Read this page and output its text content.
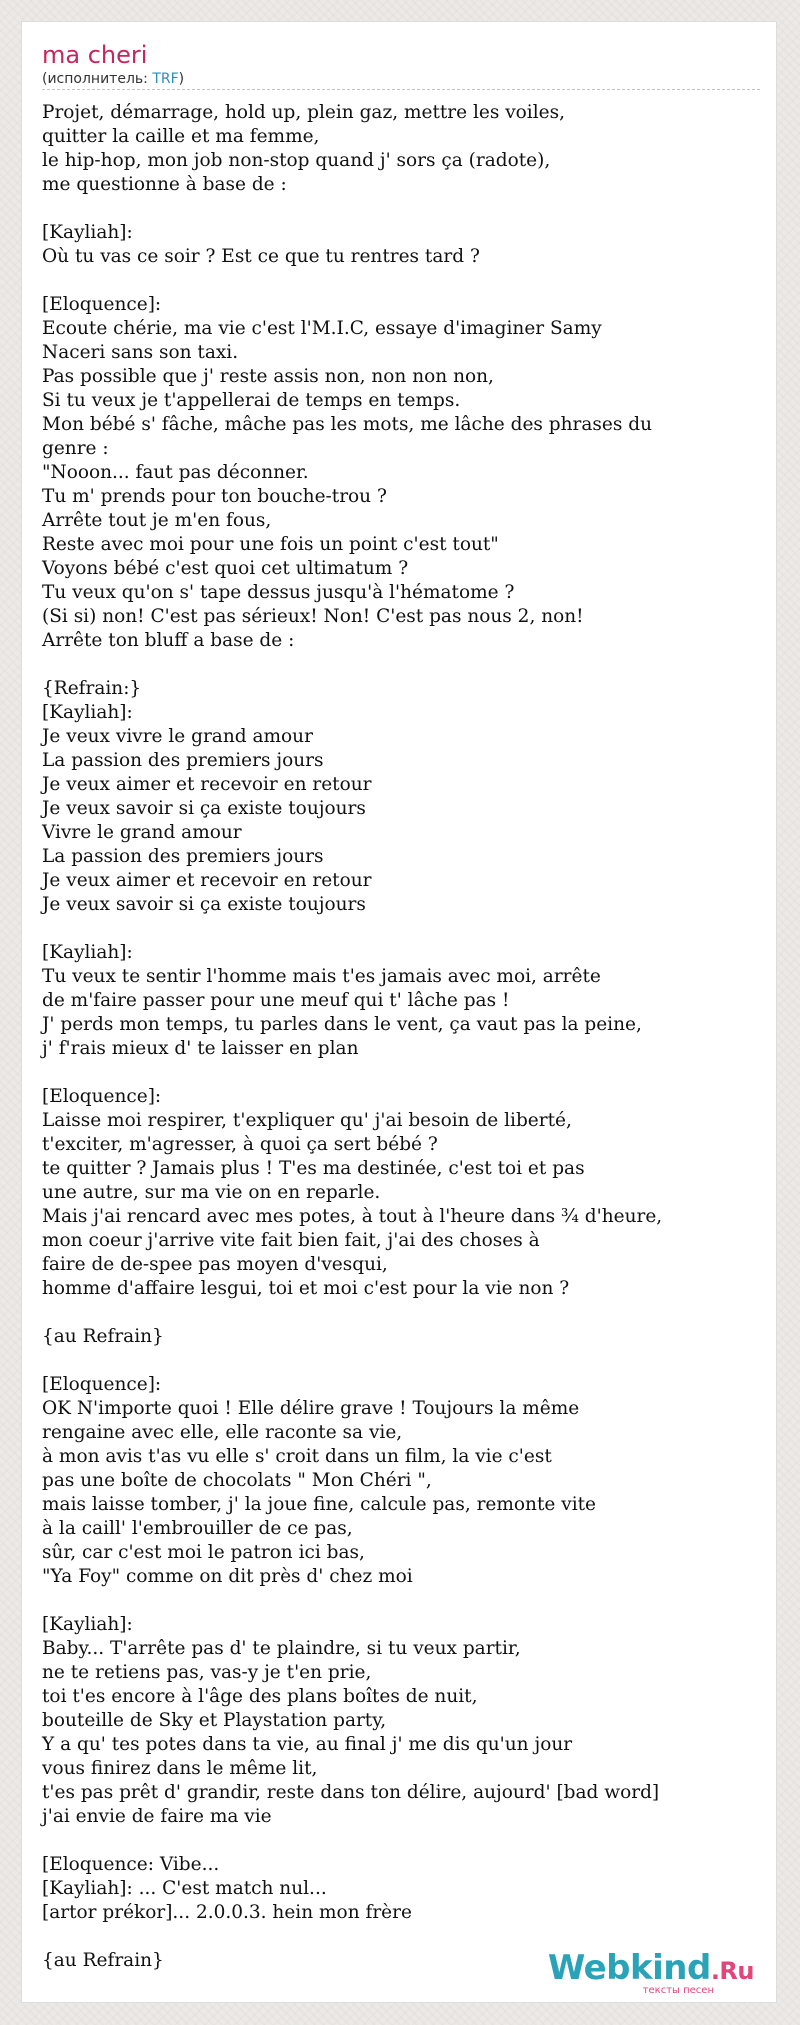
ma cheri
(исполнитель: TRF)
Projet, démarrage, hold up, plein gaz, mettre les voiles,
quitter la caille et ma femme,
le hip-hop, mon job non-stop quand j' sors ça (radote),
me questionne à base de :

[Kayliah]:
Où tu vas ce soir ? Est ce que tu rentres tard ?

[Eloquence]:
Ecoute chérie, ma vie c'est l'M.I.C, essaye d'imaginer Samy
Naceri sans son taxi.
Pas possible que j' reste assis non, non non non,
Si tu veux je t'appellerai de temps en temps.
Mon bébé s' fâche, mâche pas les mots, me lâche des phrases du
genre :
"Nooon... faut pas déconner.
Tu m' prends pour ton bouche-trou ?
Arrête tout je m'en fous,
Reste avec moi pour une fois un point c'est tout"
Voyons bébé c'est quoi cet ultimatum ?
Tu veux qu'on s' tape dessus jusqu'à l'hématome ?
(Si si) non! C'est pas sérieux! Non! C'est pas nous 2, non!
Arrête ton bluff a base de :

{Refrain:}
[Kayliah]:
Je veux vivre le grand amour
La passion des premiers jours
Je veux aimer et recevoir en retour
Je veux savoir si ça existe toujours
Vivre le grand amour
La passion des premiers jours
Je veux aimer et recevoir en retour
Je veux savoir si ça existe toujours

[Kayliah]:
Tu veux te sentir l'homme mais t'es jamais avec moi, arrête
de m'faire passer pour une meuf qui t' lâche pas !
J' perds mon temps, tu parles dans le vent, ça vaut pas la peine,
j' f'rais mieux d' te laisser en plan

[Eloquence]:
Laisse moi respirer, t'expliquer qu' j'ai besoin de liberté,
t'exciter, m'agresser, à quoi ça sert bébé ?
te quitter ? Jamais plus ! T'es ma destinée, c'est toi et pas
une autre, sur ma vie on en reparle.
Mais j'ai rencard avec mes potes, à tout à l'heure dans ¾ d'heure,
mon coeur j'arrive vite fait bien fait, j'ai des choses à
faire de de-spee pas moyen d'vesqui,
homme d'affaire lesgui, toi et moi c'est pour la vie non ?

{au Refrain}

[Eloquence]:
OK N'importe quoi ! Elle délire grave ! Toujours la même
rengaine avec elle, elle raconte sa vie,
à mon avis t'as vu elle s' croit dans un film, la vie c'est
pas une boîte de chocolats " Mon Chéri ",
mais laisse tomber, j' la joue fine, calcule pas, remonte vite
à la caill' l'embrouiller de ce pas,
sûr, car c'est moi le patron ici bas,
"Ya Foy" comme on dit près d' chez moi

[Kayliah]:
Baby... T'arrête pas d' te plaindre, si tu veux partir,
ne te retiens pas, vas-y je t'en prie,
toi t'es encore à l'âge des plans boîtes de nuit,
bouteille de Sky et Playstation party,
Y a qu' tes potes dans ta vie, au final j' me dis qu'un jour
vous finirez dans le même lit,
t'es pas prêt d' grandir, reste dans ton délire, aujourd' [bad word]
j'ai envie de faire ma vie

[Eloquence: Vibe...
[Kayliah]: ... C'est match nul...
[artor prékor]... 2.0.0.3. hein mon frère

{au Refrain}	Webkind.Ru
тексты песен
